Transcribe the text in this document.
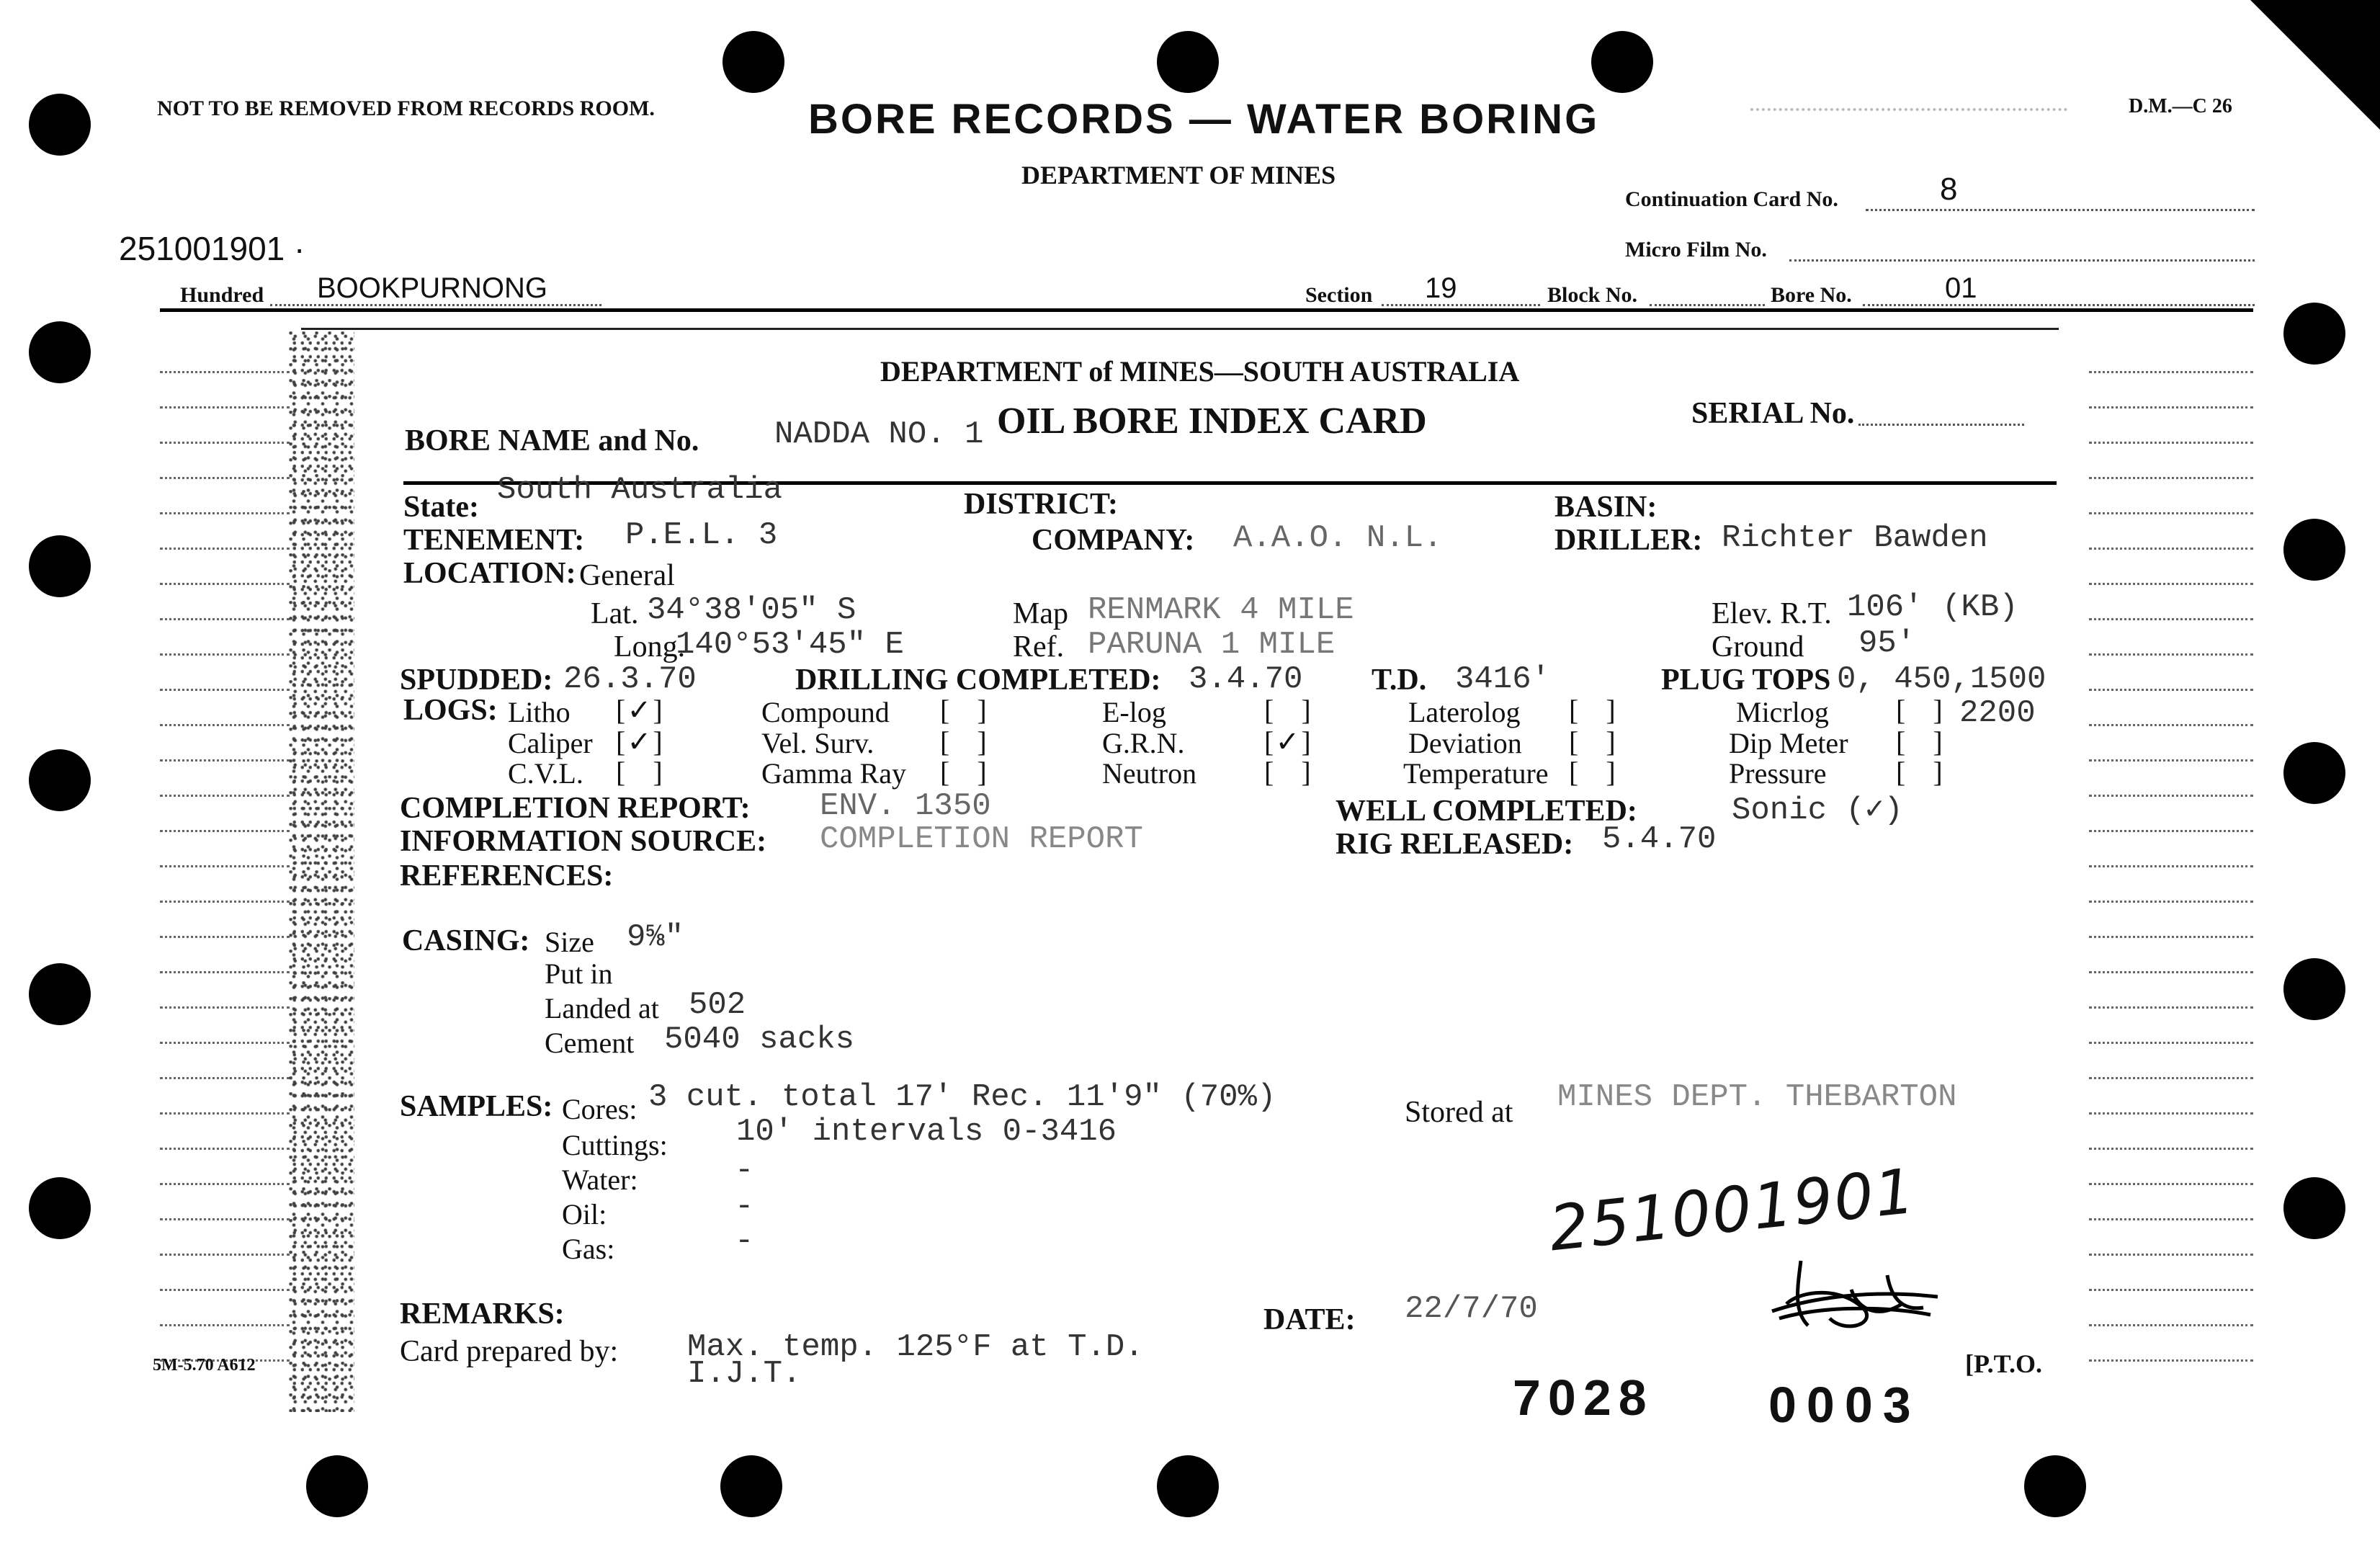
NOT TO BE REMOVED FROM RECORDS ROOM.	BORE RECORDS — WATER BORING
DEPARTMENT OF MINES
D.M.—C 26
Continuation Card No.	8
Micro Film No.
251001901 ·
Hundred BOOKPURNONG	Section 19	Block No.	Bore No.	01
DEPARTMENT of MINES—SOUTH AUSTRALIA
OIL BORE INDEX CARD
BORE NAME and No. NADDA NO. 1
SERIAL No.
State: South Australia	DISTRICT:	BASIN:
TENEMENT: P.E.L. 3	COMPANY: A.A.O. N.L.	DRILLER: Richter Bawden
LOCATION: General
Lat. 34°38'05" S
Long.
140°53'45" E
Map RENMARK 4 MILE
Ref. PARUNA 1 MILE
Elev. R.T. 106' (KB)
Ground 95'
SPUDDED: 26.3.70	DRILLING COMPLETED: 3.4.70 T.D. 3416'	PLUG TOPS 0, 450,1500
2200
LOGS: Litho [✓]	Compound [ ]	E-log	[ ]	Laterolog [ ]	Micrlog [ ]
Caliper [✓]	Vel. Surv. [ ]	G.R.N.	[✓]	Deviation [ ]	Dip Meter [ ]
C.V.L. [ ]	Gamma Ray [ ]	Neutron [ ]	Temperature [ ]	Pressure [ ]
COMPLETION REPORT: ENV. 1350	WELL COMPLETED:	Sonic (✓)
INFORMATION SOURCE: COMPLETION REPORT	RIG RELEASED: 5.4.70
REFERENCES:
CASING: Size 9⅝"
Put in
Landed at 502
Cement 5040 sacks
SAMPLES: Cores: 3 cut. total 17' Rec. 11'9" (70%)	Stored at MINES DEPT. THEBARTON
Cuttings: 10' intervals 0-3416
Water:	-
Oil:	-
Gas:	-	251001901
REMARKS:
Card prepared by: Max. temp. 125°F at T.D.
I.J.T.
DATE: 22/7/70
5M-5.70 A612
7028 0003
[P.T.O.
